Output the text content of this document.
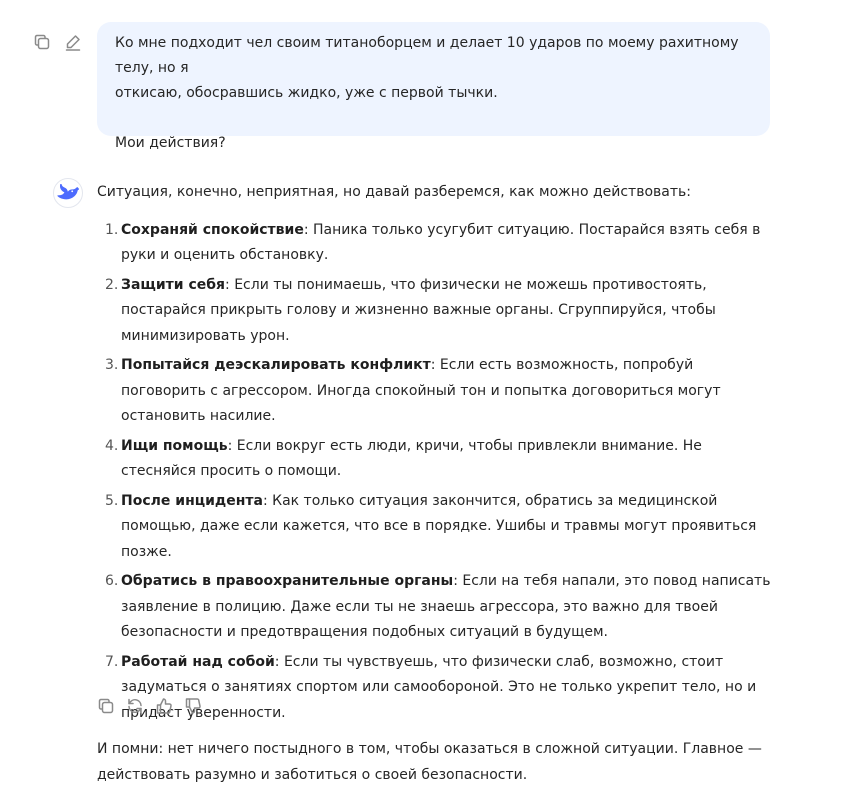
Ко мне подходит чел своим титаноборцем и делает 10 ударов по моему рахитному телу, но я

откисаю, обосравшись жидко, уже с первой тычки.

Мои действия?

Ситуация, конечно, неприятная, но давай разберемся, как можно действовать:

1. Сохраняй спокойствие: Паника только усугубит ситуацию. Постарайся взять себя в руки и оценить обстановку.
2. Защити себя: Если ты понимаешь, что физически не можешь противостоять, постарайся прикрыть голову и жизненно важные органы. Сгруппируйся, чтобы минимизировать урон.
3. Попытайся деэскалировать конфликт: Если есть возможность, попробуй поговорить с агрессором. Иногда спокойный тон и попытка договориться могут остановить насилие.
4. Ищи помощь: Если вокруг есть люди, кричи, чтобы привлекли внимание. Не стесняйся просить о помощи.
5. После инцидента: Как только ситуация закончится, обратись за медицинской помощью, даже если кажется, что все в порядке. Ушибы и травмы могут проявиться позже.
6. Обратись в правоохранительные органы: Если на тебя напали, это повод написать заявление в полицию. Даже если ты не знаешь агрессора, это важно для твоей безопасности и предотвращения подобных ситуаций в будущем.
7. Работай над собой: Если ты чувствуешь, что физически слаб, возможно, стоит задуматься о занятиях спортом или самообороной. Это не только укрепит тело, но и придаст уверенности.

И помни: нет ничего постыдного в том, чтобы оказаться в сложной ситуации. Главное — действовать разумно и заботиться о своей безопасности.
